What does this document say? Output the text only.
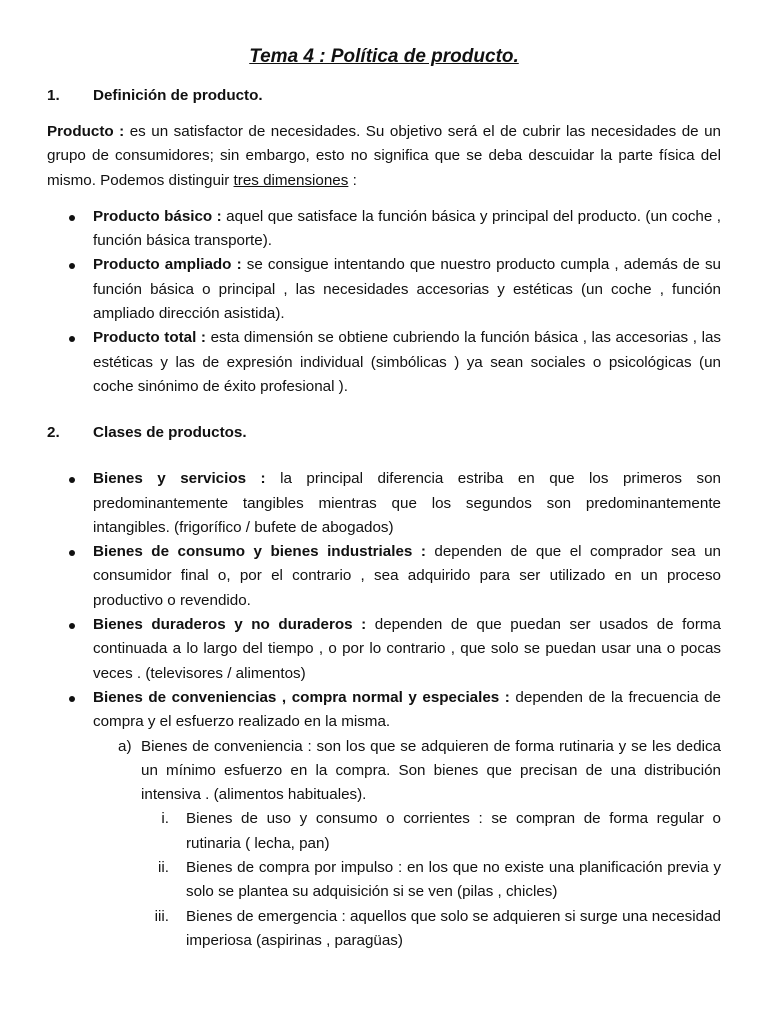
Tema 4 : Política de producto.
1. Definición de producto.

Producto : es un satisfactor de necesidades. Su objetivo será el de cubrir las necesidades de un grupo de consumidores; sin embargo, esto no significa que se deba descuidar la parte física del mismo. Podemos distinguir tres dimensiones :

Producto básico : aquel que satisface la función básica y principal del producto. (un coche , función básica transporte).
Producto ampliado : se consigue intentando que nuestro producto cumpla , además de su función básica o principal , las necesidades accesorias y estéticas (un coche , función ampliado dirección asistida).
Producto total : esta dimensión se obtiene cubriendo la función básica , las accesorias , las estéticas y las de expresión individual (simbólicas ) ya sean sociales o psicológicas (un coche sinónimo de éxito profesional ).
2. Clases de productos.
Bienes y servicios : la principal diferencia estriba en que los primeros son predominantemente tangibles mientras que los segundos son predominantemente intangibles. (frigorífico / bufete de abogados)
Bienes de consumo y bienes industriales : dependen de que el comprador sea un consumidor final o, por el contrario , sea adquirido para ser utilizado en un proceso productivo o revendido.
Bienes duraderos y no duraderos : dependen de que puedan ser usados de forma continuada a lo largo del tiempo , o por lo contrario , que solo se puedan usar una o pocas veces . (televisores / alimentos)
Bienes de conveniencias , compra normal y especiales : dependen de la frecuencia de compra y el esfuerzo realizado en la misma.
a) Bienes de conveniencia : son los que se adquieren de forma rutinaria y se les dedica un mínimo esfuerzo en la compra. Son bienes que precisan de una distribución intensiva . (alimentos habituales).
i. Bienes de uso y consumo o corrientes : se compran de forma regular o rutinaria ( lecha, pan)
ii. Bienes de compra por impulso : en los que no existe una planificación previa y solo se plantea su adquisición si se ven (pilas , chicles)
iii. Bienes de emergencia : aquellos que solo se adquieren si surge una necesidad imperiosa (aspirinas , paragüas)
